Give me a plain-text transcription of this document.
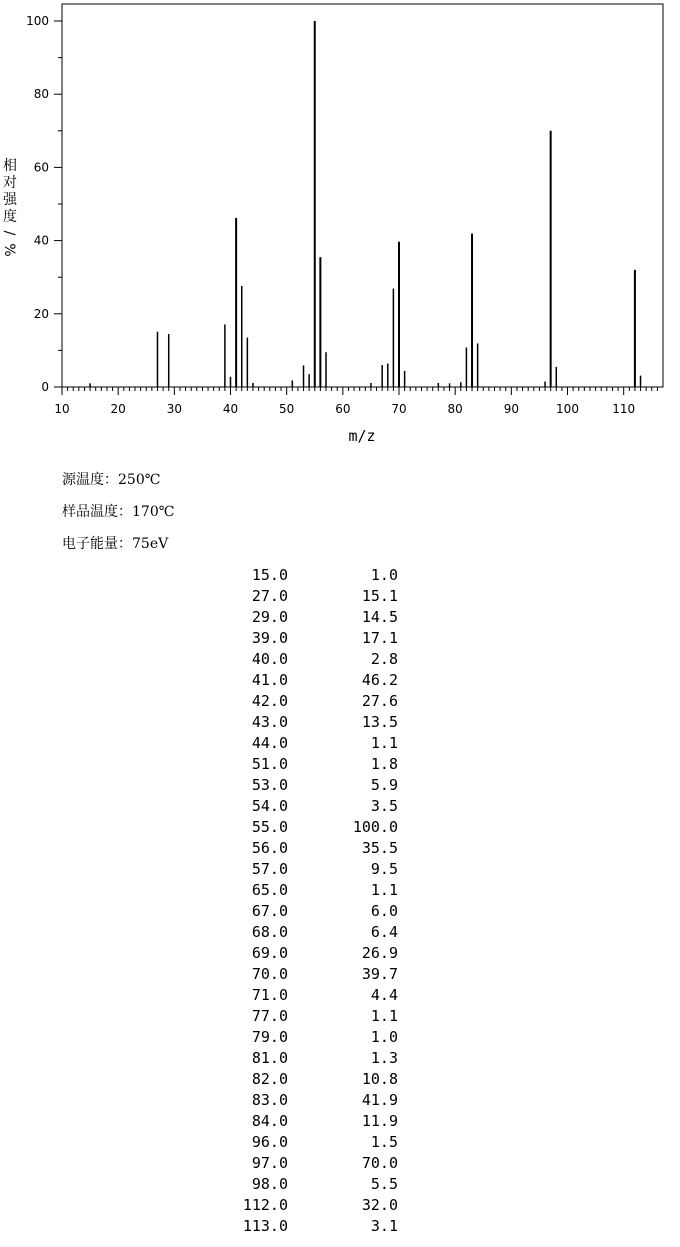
10	20	30	40	50	60	70	80	90	100	110
0
20
40
60
80
100
m/z
相
对
强
度
/
%
源温度：250℃
样品温度：170℃
电子能量：75eV
15.0	1.0
27.0	15.1
29.0	14.5
39.0	17.1
40.0	2.8
41.0	46.2
42.0	27.6
43.0	13.5
44.0	1.1
51.0	1.8
53.0	5.9
54.0	3.5
55.0	100.0
56.0	35.5
57.0	9.5
65.0	1.1
67.0	6.0
68.0	6.4
69.0	26.9
70.0	39.7
71.0	4.4
77.0	1.1
79.0	1.0
81.0	1.3
82.0	10.8
83.0	41.9
84.0	11.9
96.0	1.5
97.0	70.0
98.0	5.5
112.0	32.0
113.0	3.1
